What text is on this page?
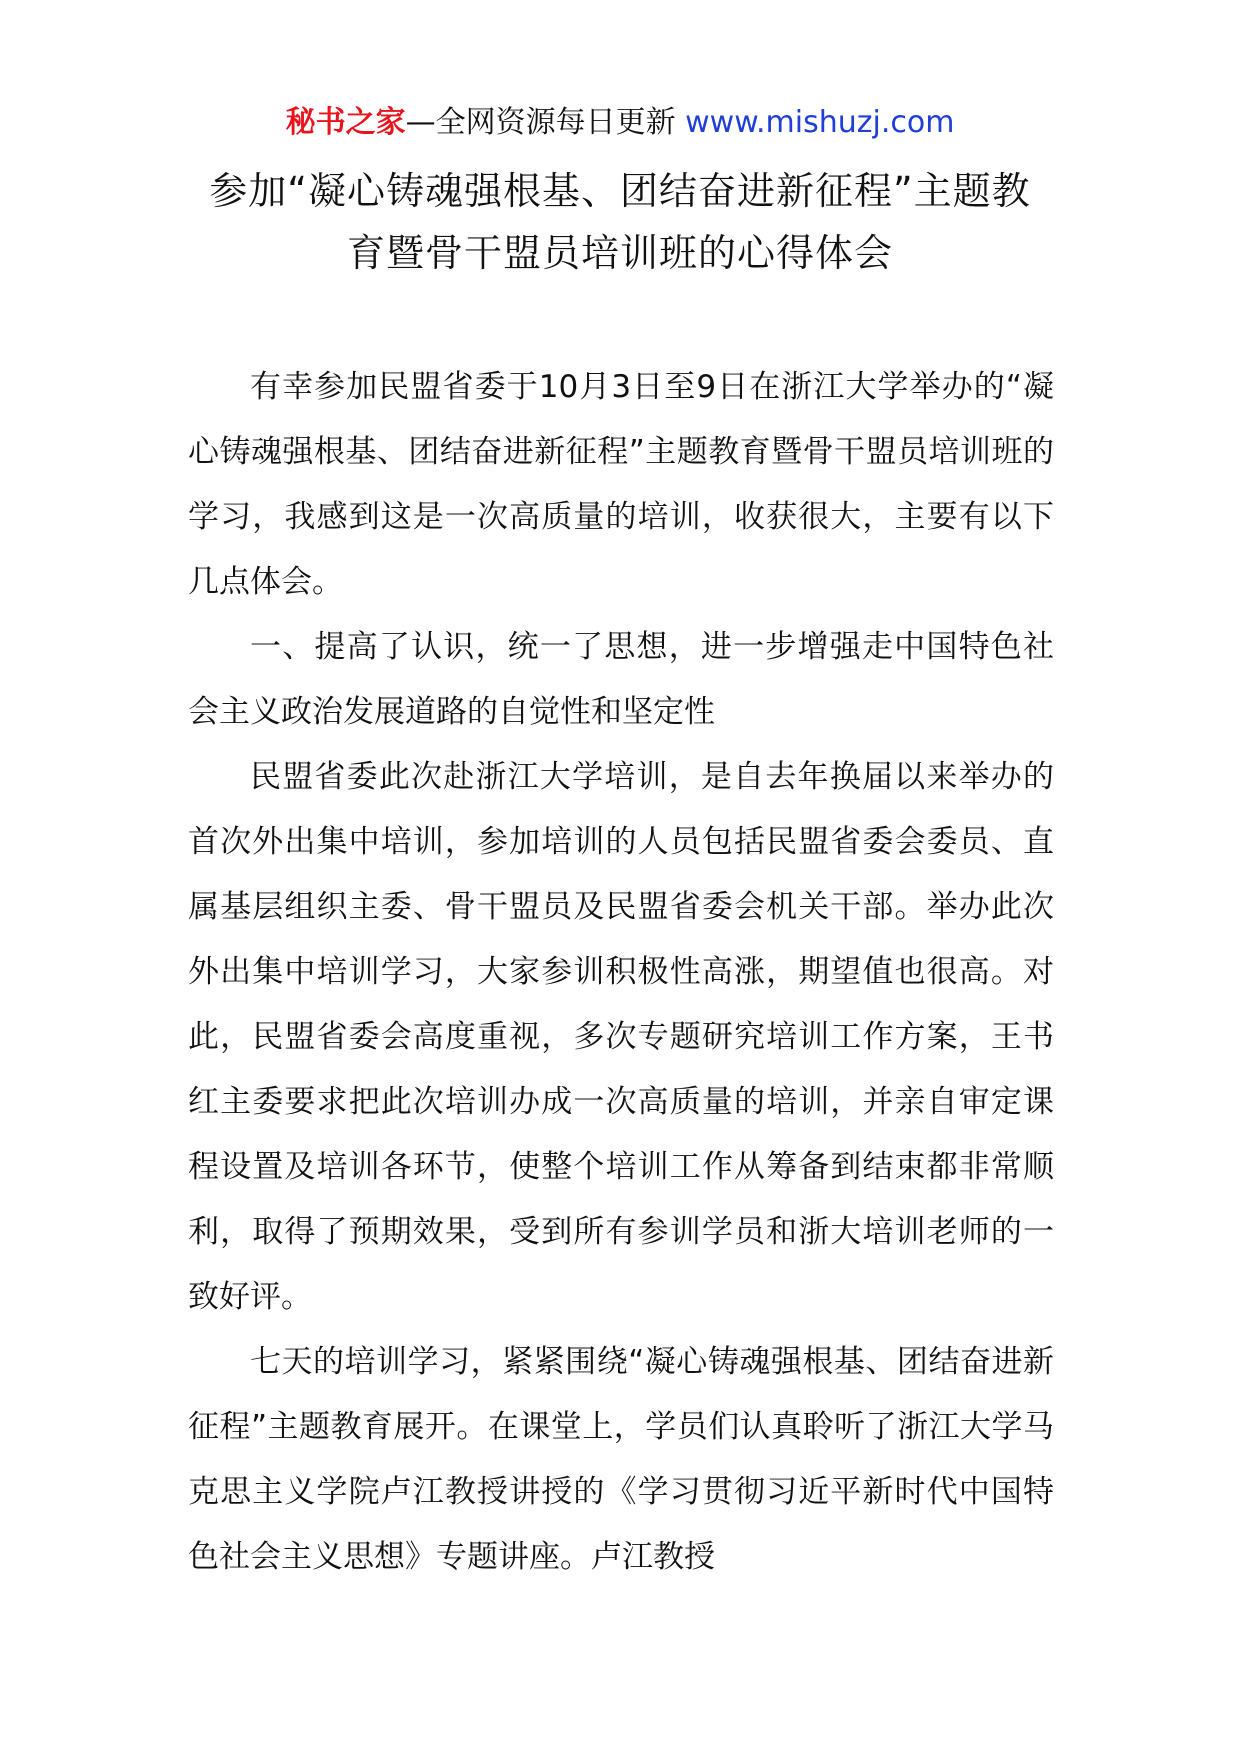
秘书之家—全网资源每日更新 www.mishuzj.com
参加“凝心铸魂强根基、团结奋进新征程”主题教育暨骨干盟员培训班的心得体会

有幸参加民盟省委于10月3日至9日在浙江大学举办的“凝心铸魂强根基、团结奋进新征程”主题教育暨骨干盟员培训班的学习，我感到这是一次高质量的培训，收获很大，主要有以下几点体会。

一、提高了认识，统一了思想，进一步增强走中国特色社会主义政治发展道路的自觉性和坚定性

民盟省委此次赴浙江大学培训，是自去年换届以来举办的首次外出集中培训，参加培训的人员包括民盟省委会委员、直属基层组织主委、骨干盟员及民盟省委会机关干部。举办此次外出集中培训学习，大家参训积极性高涨，期望值也很高。对此，民盟省委会高度重视，多次专题研究培训工作方案，王书红主委要求把此次培训办成一次高质量的培训，并亲自审定课程设置及培训各环节，使整个培训工作从筹备到结束都非常顺利，取得了预期效果，受到所有参训学员和浙大培训老师的一致好评。

七天的培训学习，紧紧围绕“凝心铸魂强根基、团结奋进新征程”主题教育展开。在课堂上，学员们认真聆听了浙江大学马克思主义学院卢江教授讲授的《学习贯彻习近平新时代中国特色社会主义思想》专题讲座。卢江教授
